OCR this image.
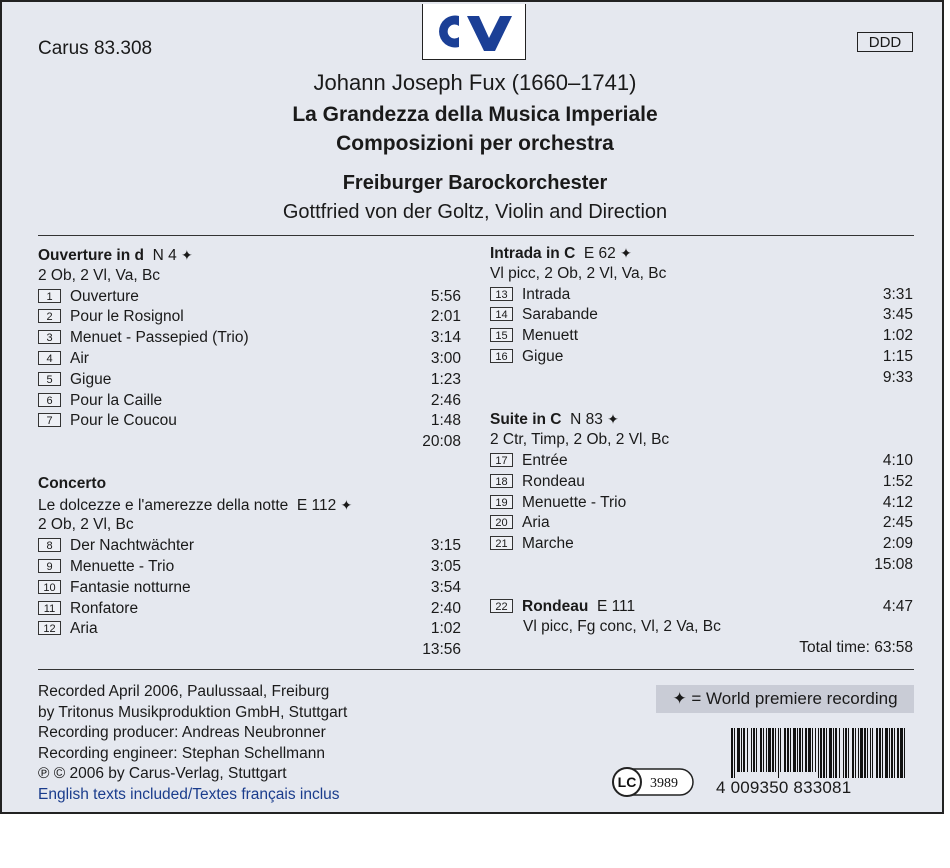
Carus 83.308	DDD
Johann Joseph Fux (1660–1741)
La Grandezza della Musica Imperiale
Composizioni per orchestra
Freiburger Barockorchester
Gottfried von der Goltz, Violin and Direction
Ouverture in d N 4 ✦
2 Ob, 2 Vl, Va, Bc
1 Ouverture	5:56
2 Pour le Rosignol	2:01
3 Menuet - Passepied (Trio)	3:14
4 Air	3:00
5 Gigue	1:23
6 Pour la Caille	2:46
7 Pour le Coucou	1:48
20:08
Concerto
Le dolcezze e l'amerezze della notte E 112 ✦
2 Ob, 2 Vl, Bc
8 Der Nachtwächter	3:15
9 Menuette - Trio	3:05
10 Fantasie notturne	3:54
11 Ronfatore	2:40
12 Aria	1:02
13:56
Intrada in C E 62 ✦
Vl picc, 2 Ob, 2 Vl, Va, Bc
13 Intrada	3:31
14 Sarabande	3:45
15 Menuett	1:02
16 Gigue	1:15
9:33
Suite in C N 83 ✦
2 Ctr, Timp, 2 Ob, 2 Vl, Bc
17 Entrée	4:10
18 Rondeau	1:52
19 Menuette - Trio	4:12
20 Aria	2:45
21 Marche	2:09
15:08
22 Rondeau E 111	4:47
Vl picc, Fg conc, Vl, 2 Va, Bc
Total time: 63:58
Recorded April 2006, Paulussaal, Freiburg
by Tritonus Musikproduktion GmbH, Stuttgart
Recording producer: Andreas Neubronner
Recording engineer: Stephan Schellmann
℗ © 2006 by Carus-Verlag, Stuttgart
English texts included/Textes français inclus
✦ = World premiere recording
LC 3989 4 009350 833081
